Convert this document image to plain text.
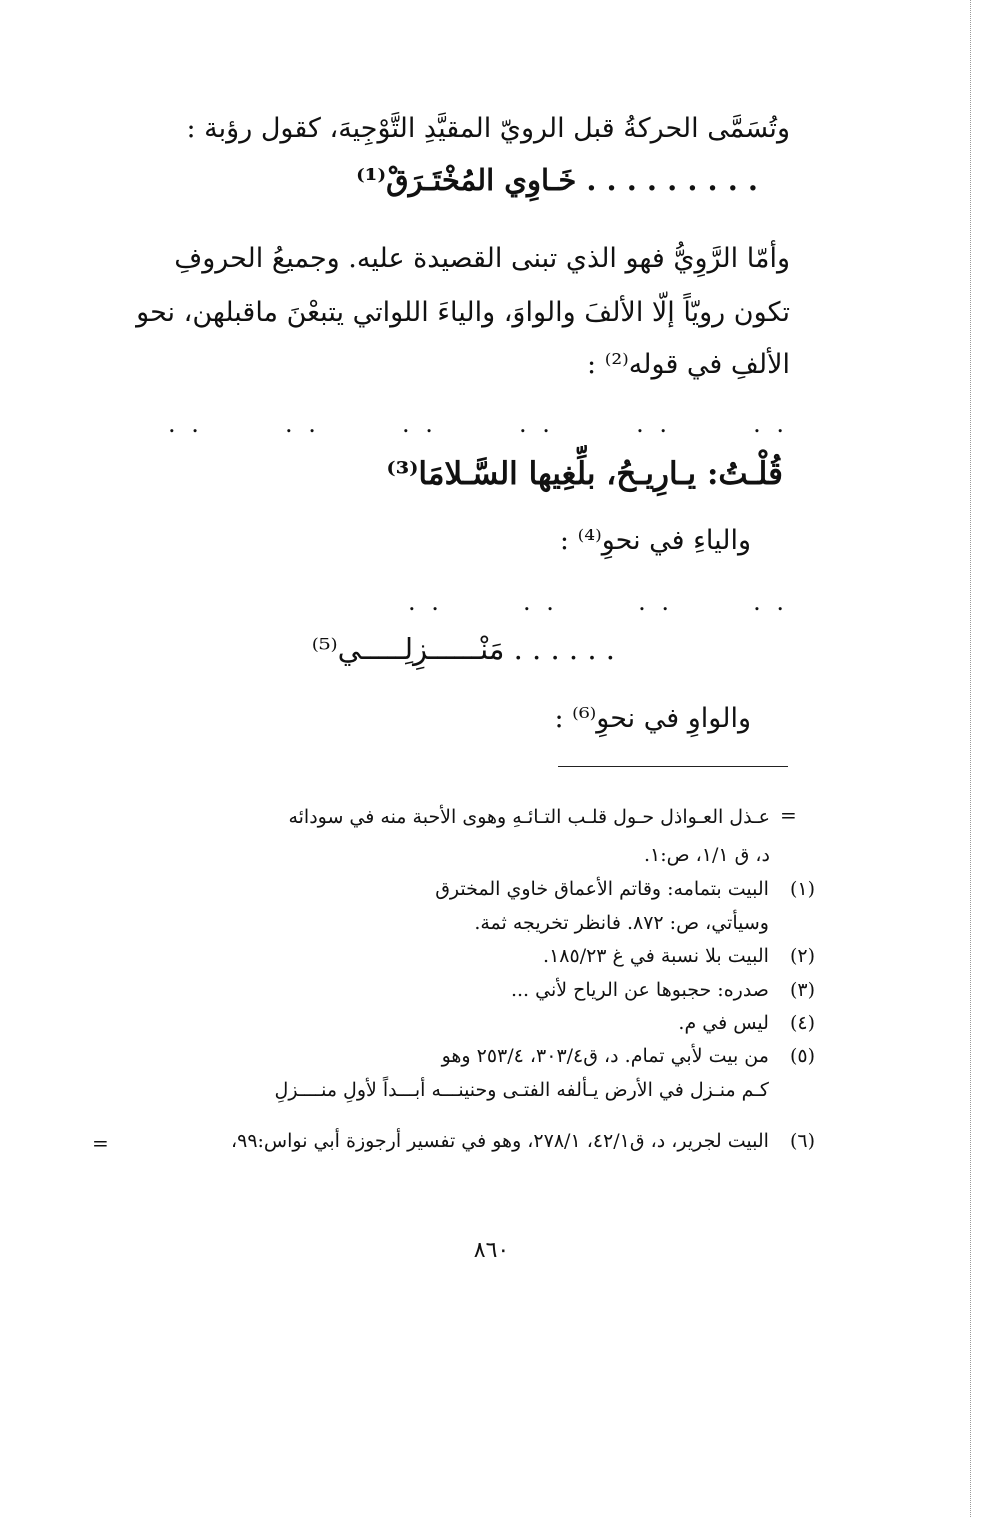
وتُسَمَّى الحركةُ قبل الرويّ المقيَّدِ التَّوْجِيهَ، كقول رؤبة :
. . . . . . . . . خَـاوِي المُخْتَـرَقْ⁽¹⁾
وأمّا الرَّوِيُّ فهو الذي تبنى القصيدة عليه. وجميعُ الحروفِ
تكون رويّاً إلّا الألفَ والواوَ، والياءَ اللواتي يتبعْنَ ماقبلهن، نحو
الألفِ في قوله⁽²⁾ :
. .	. .	. .	. .	. .	. .
قُلْـتُ: يـارِيـحُ، بلِّغِيها السَّـلامَا⁽³⁾
والياءِ في نحوِ⁽⁴⁾ :
. .	. .	. .	. .
. . . . . . مَنْــــــزِلِـــــي⁽⁵⁾
والواوِ في نحوِ⁽⁶⁾ :
=
عـذل العـواذل حـول قلـب التـائـهِ وهوى الأحبة منه في سودائه
د، ق ١/١، ص:١.
(١) البيت بتمامه: وقاتم الأعماق خاوي المخترق
وسيأتي، ص: ٨٧٢. فانظر تخريجه ثمة.
(٢) البيت بلا نسبة في غ ١٨٥/٢٣.
(٣) صدره: حجبوها عن الرياح لأني ...
(٤) ليس في م.
(٥) من بيت لأبي تمام. د، ق٣٠٣/٤، ٢٥٣/٤ وهو
كـم منـزل في الأرض يـألفه الفتـى وحنينـــه أبـــداً لأولِ منــــزلِ
(٦) البيت لجرير، د، ق٤٢/١، ٢٧٨/١، وهو في تفسير أرجوزة أبي نواس:٩٩،
=
٨٦٠
